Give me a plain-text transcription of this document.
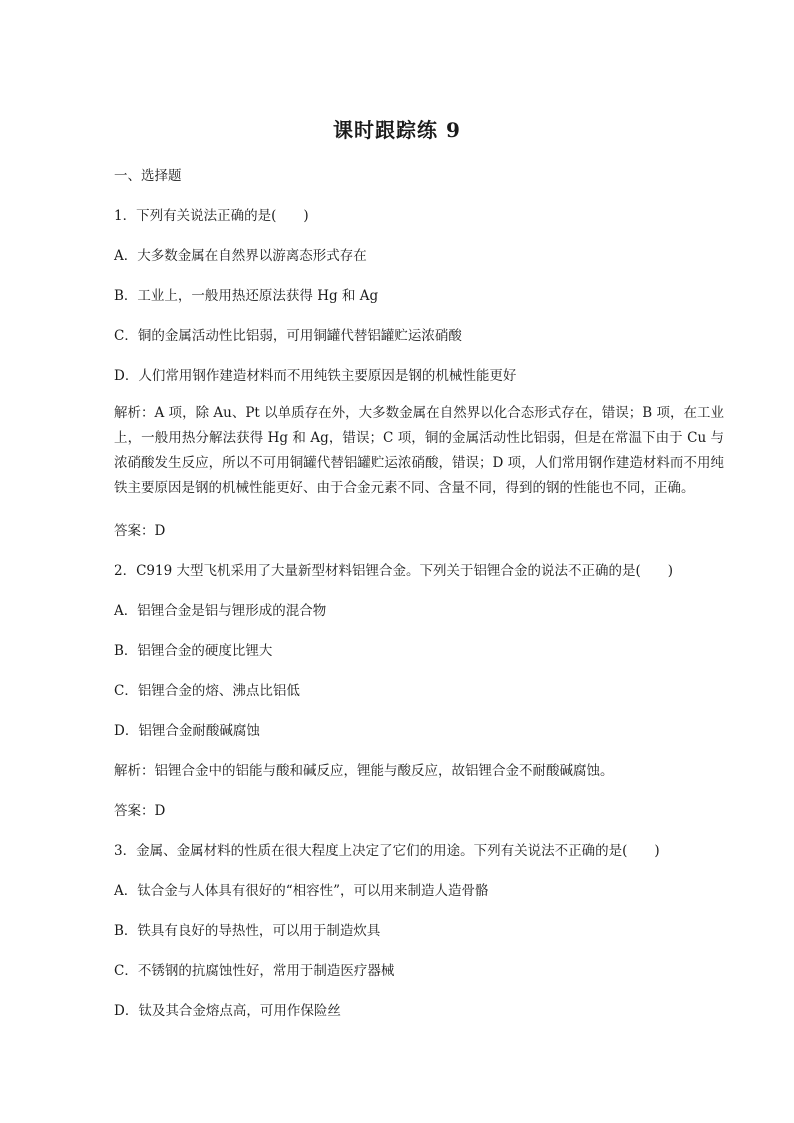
课时跟踪练 9

一、选择题

1．下列有关说法正确的是(　　)

A．大多数金属在自然界以游离态形式存在

B．工业上，一般用热还原法获得 Hg 和 Ag

C．铜的金属活动性比铝弱，可用铜罐代替铝罐贮运浓硝酸

D．人们常用钢作建造材料而不用纯铁主要原因是钢的机械性能更好

解析：A 项，除 Au、Pt 以单质存在外，大多数金属在自然界以化合态形式存在，错误；B 项，在工业上，一般用热分解法获得 Hg 和 Ag，错误；C 项，铜的金属活动性比铝弱，但是在常温下由于 Cu 与浓硝酸发生反应，所以不可用铜罐代替铝罐贮运浓硝酸，错误；D 项，人们常用钢作建造材料而不用纯铁主要原因是钢的机械性能更好、由于合金元素不同、含量不同，得到的钢的性能也不同，正确。

答案：D

2．C919 大型飞机采用了大量新型材料铝锂合金。下列关于铝锂合金的说法不正确的是(　　)

A．铝锂合金是铝与锂形成的混合物

B．铝锂合金的硬度比锂大

C．铝锂合金的熔、沸点比铝低

D．铝锂合金耐酸碱腐蚀

解析：铝锂合金中的铝能与酸和碱反应，锂能与酸反应，故铝锂合金不耐酸碱腐蚀。

答案：D

3．金属、金属材料的性质在很大程度上决定了它们的用途。下列有关说法不正确的是(　　)

A．钛合金与人体具有很好的“相容性”，可以用来制造人造骨骼

B．铁具有良好的导热性，可以用于制造炊具

C．不锈钢的抗腐蚀性好，常用于制造医疗器械

D．钛及其合金熔点高，可用作保险丝
